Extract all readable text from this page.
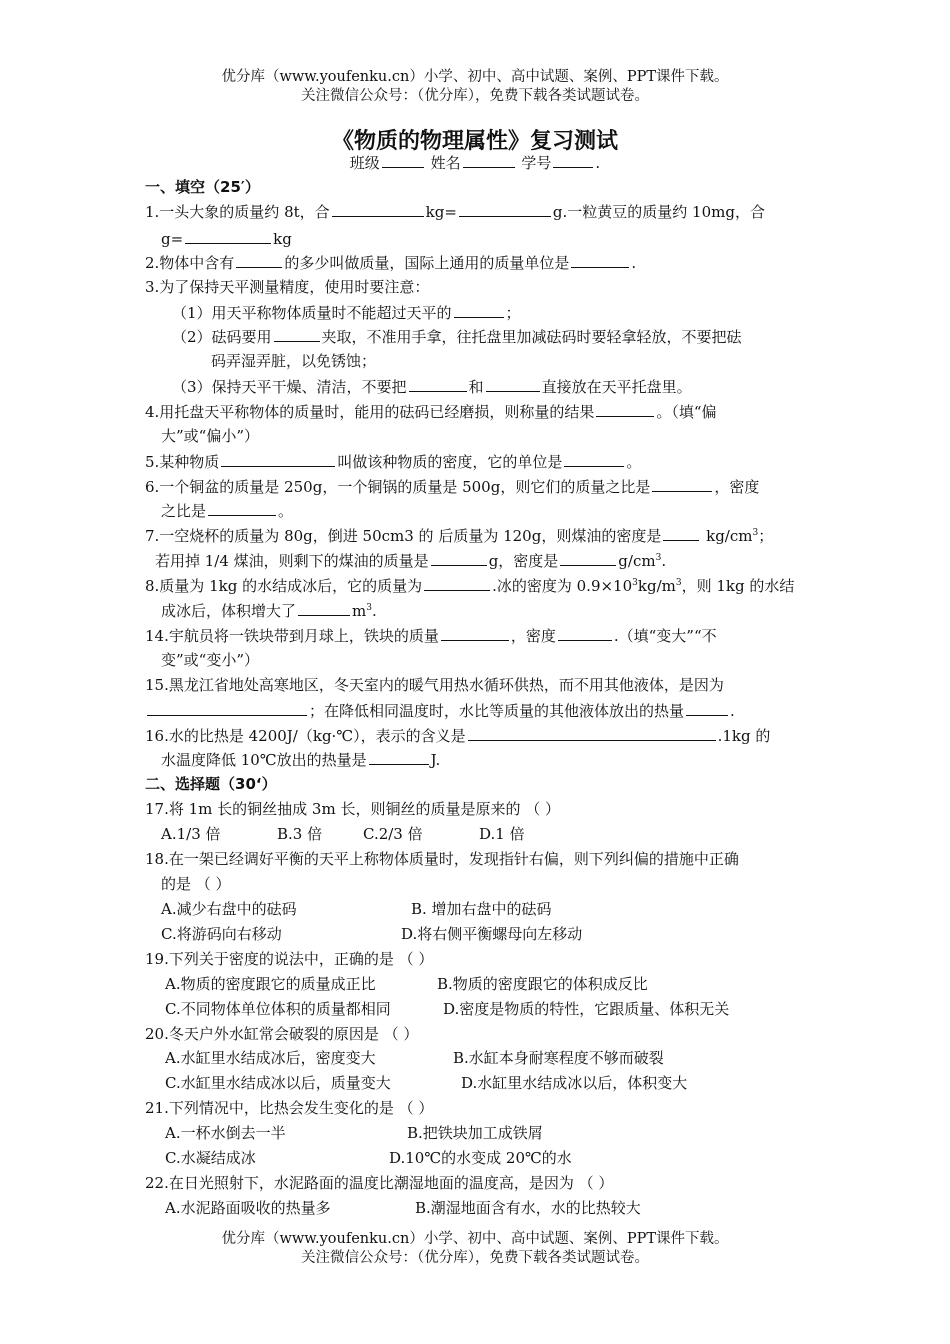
优分库（www.youfenku.cn）小学、初中、高中试题、案例、PPT课件下载。
关注微信公众号：（优分库），免费下载各类试题试卷。
《物质的物理属性》复习测试
班级	姓名	学号	.
一、填空（25′）
1.一头大象的质量约 8t，合	kg=	g.一粒黄豆的质量约 10mg，合
g=	kg
2.物体中含有	的多少叫做质量，国际上通用的质量单位是	.
3.为了保持天平测量精度，使用时要注意：
（1）用天平称物体质量时不能超过天平的	；
（2）砝码要用	夹取，不准用手拿，往托盘里加减砝码时要轻拿轻放，不要把砝
码弄湿弄脏，以免锈蚀；
（3）保持天平干燥、清洁，不要把	和	直接放在天平托盘里。
4.用托盘天平称物体的质量时，能用的砝码已经磨损，则称量的结果	。（填“偏
大”或“偏小”）
5.某种物质	叫做该种物质的密度，它的单位是	。
6.一个铜盆的质量是 250g，一个铜锅的质量是 500g，则它们的质量之比是	，密度
之比是	。
7.一空烧杯的质量为 80g，倒进 50cm3 的 后质量为 120g，则煤油的密度是	$kg/cm^3$；
若用掉 1/4 煤油，则剩下的煤油的质量是	g，密度是	$g/cm^3$.
8.质量为 1kg 的水结成冰后，它的质量为	.冰的密度为 $0.9\times 10^3kg/m^3$，则 1kg 的水结
成冰后，体积增大了	$m^3$.
14.宇航员将一铁块带到月球上，铁块的质量	，密度	.（填“变大”“不
变”或“变小”）
15.黑龙江省地处高寒地区，冬天室内的暖气用热水循环供热，而不用其他液体，是因为
；在降低相同温度时，水比等质量的其他液体放出的热量	.
16.水的比热是 4200J/（kg·℃），表示的含义是	.1kg 的
水温度降低 10℃放出的热量是	J.
二、选择题（30‘）
17.将 1m 长的铜丝抽成 3m 长，则铜丝的质量是原来的 （ ）
A.1/3 倍	B.3 倍	C.2/3 倍	D.1 倍
18.在一架已经调好平衡的天平上称物体质量时，发现指针右偏，则下列纠偏的措施中正确
的是 （ ）
A.减少右盘中的砝码	B. 增加右盘中的砝码
C.将游码向右移动	D.将右侧平衡螺母向左移动
19.下列关于密度的说法中，正确的是 （ ）
A.物质的密度跟它的质量成正比	B.物质的密度跟它的体积成反比
C.不同物体单位体积的质量都相同	D.密度是物质的特性，它跟质量、体积无关
20.冬天户外水缸常会破裂的原因是 （ ）
A.水缸里水结成冰后，密度变大	B.水缸本身耐寒程度不够而破裂
C.水缸里水结成冰以后，质量变大	D.水缸里水结成冰以后，体积变大
21.下列情况中，比热会发生变化的是 （ ）
A.一杯水倒去一半	B.把铁块加工成铁屑
C.水凝结成冰	D.10℃的水变成 20℃的水
22.在日光照射下，水泥路面的温度比潮湿地面的温度高，是因为 （ ）
A.水泥路面吸收的热量多	B.潮湿地面含有水，水的比热较大
优分库（www.youfenku.cn）小学、初中、高中试题、案例、PPT课件下载。
关注微信公众号：（优分库），免费下载各类试题试卷。
